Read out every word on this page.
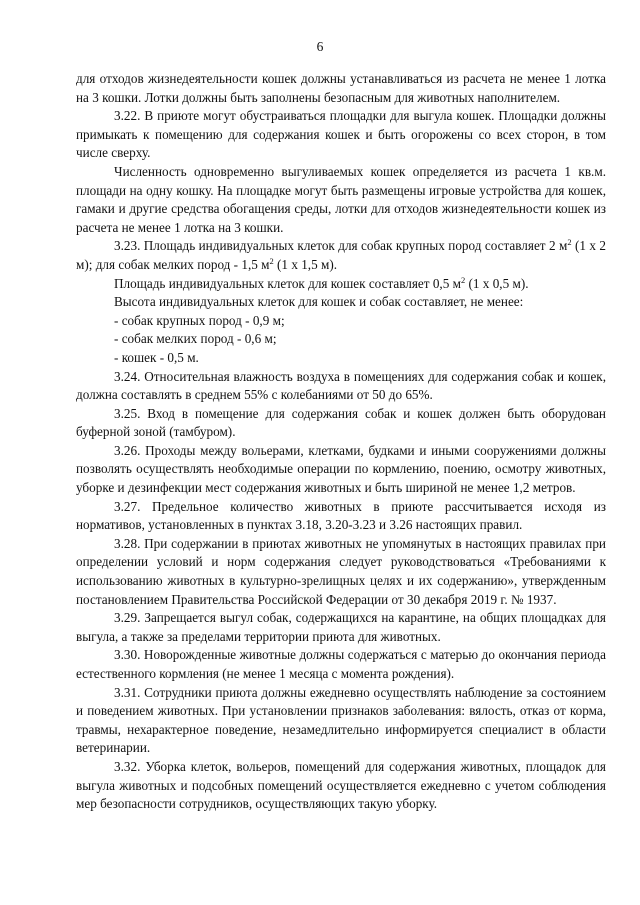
6

для отходов жизнедеятельности кошек должны устанавливаться из расчета не менее 1 лотка на 3 кошки. Лотки должны быть заполнены безопасным для животных наполнителем.

3.22. В приюте могут обустраиваться площадки для выгула кошек. Площадки должны примыкать к помещению для содержания кошек и быть огорожены со всех сторон, в том числе сверху.

Численность одновременно выгуливаемых кошек определяется из расчета 1 кв.м. площади на одну кошку. На площадке могут быть размещены игровые устройства для кошек, гамаки и другие средства обогащения среды, лотки для отходов жизнедеятельности кошек из расчета не менее 1 лотка на 3 кошки.

3.23. Площадь индивидуальных клеток для собак крупных пород составляет 2 $м^2$ (1 х 2 м); для собак мелких пород - 1,5 $м^2$ (1 х 1,5 м).

Площадь индивидуальных клеток для кошек составляет 0,5 $м^2$ (1 х 0,5 м).

Высота индивидуальных клеток для кошек и собак составляет, не менее:

- собак крупных пород - 0,9 м;

- собак мелких пород - 0,6 м;

- кошек - 0,5 м.

3.24. Относительная влажность воздуха в помещениях для содержания собак и кошек, должна составлять в среднем 55% с колебаниями от 50 до 65%.

3.25. Вход в помещение для содержания собак и кошек должен быть оборудован буферной зоной (тамбуром).

3.26. Проходы между вольерами, клетками, будками и иными сооружениями должны позволять осуществлять необходимые операции по кормлению, поению, осмотру животных, уборке и дезинфекции мест содержания животных и быть шириной не менее 1,2 метров.

3.27. Предельное количество животных в приюте рассчитывается исходя из нормативов, установленных в пунктах 3.18, 3.20-3.23 и 3.26 настоящих правил.

3.28. При содержании в приютах животных не упомянутых в настоящих правилах при определении условий и норм содержания следует руководствоваться «Требованиями к использованию животных в культурно-зрелищных целях и их содержанию», утвержденным постановлением Правительства Российской Федерации от 30 декабря 2019 г. № 1937.

3.29. Запрещается выгул собак, содержащихся на карантине, на общих площадках для выгула, а также за пределами территории приюта для животных.

3.30. Новорожденные животные должны содержаться с матерью до окончания периода естественного кормления (не менее 1 месяца с момента рождения).

3.31. Сотрудники приюта должны ежедневно осуществлять наблюдение за состоянием и поведением животных. При установлении признаков заболевания: вялость, отказ от корма, травмы, нехарактерное поведение, незамедлительно информируется специалист в области ветеринарии.

3.32. Уборка клеток, вольеров, помещений для содержания животных, площадок для выгула животных и подсобных помещений осуществляется ежедневно с учетом соблюдения мер безопасности сотрудников, осуществляющих такую уборку.
